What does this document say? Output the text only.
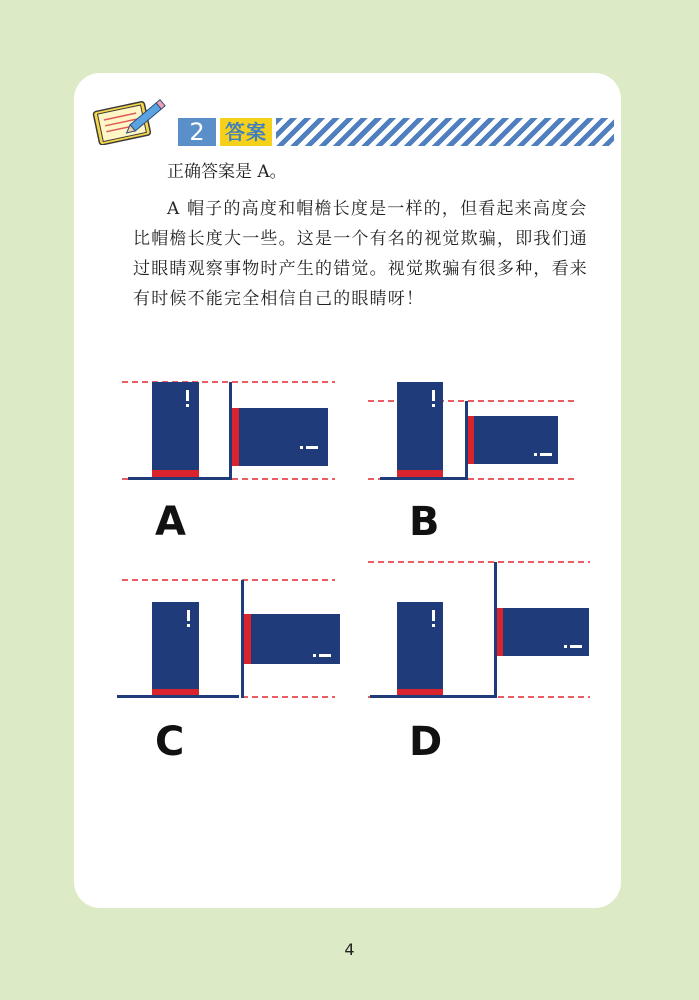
2	答案
正确答案是 A。
A 帽子的高度和帽檐长度是一样的，但看起来高度会比帽檐长度大一些。这是一个有名的视觉欺骗，即我们通过眼睛观察事物时产生的错觉。视觉欺骗有很多种，看来有时候不能完全相信自己的眼睛呀！
A	B
C	D
4
